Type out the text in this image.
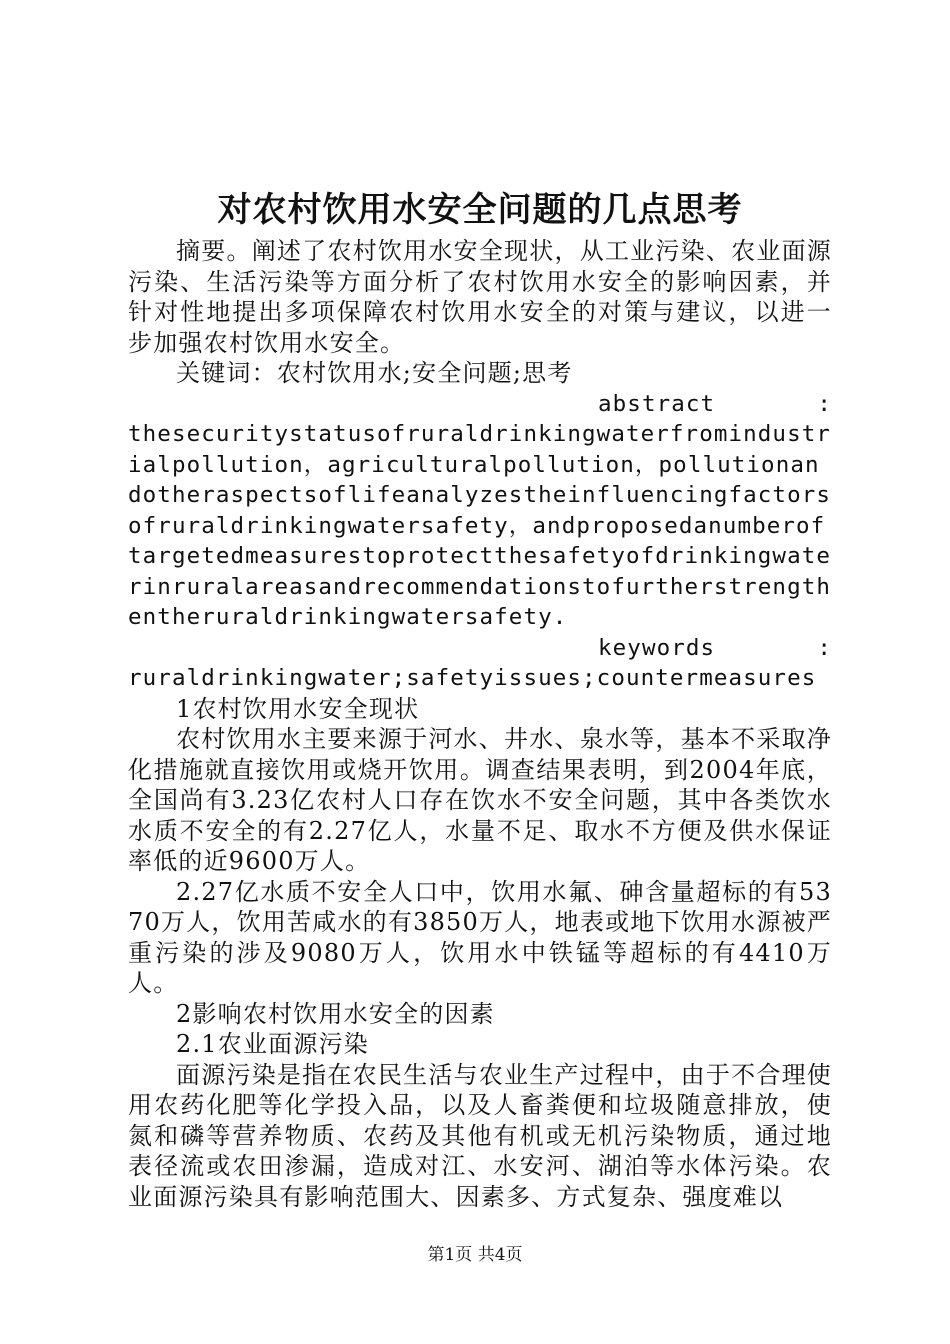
对农村饮用水安全问题的几点思考

摘要。阐述了农村饮用水安全现状，从工业污染、农业面源污染、生活污染等方面分析了农村饮用水安全的影响因素，并针对性地提出多项保障农村饮用水安全的对策与建议，以进一步加强农村饮用水安全。

关键词：农村饮用水;安全问题;思考

abstract	:

thesecuritystatusofruraldrinkingwaterfromindustrialpollution，agriculturalpollution，pollutionandotheraspectsoflifeanalyzestheinfluencingfactorsofruraldrinkingwatersafety，andproposedanumberoftargetedmeasurestoprotectthesafetyofdrinkingwaterinruralareasandrecommendationstofurtherstrengthentheruraldrinkingwatersafety.

keywords	:

ruraldrinkingwater;safetyissues;countermeasures

1农村饮用水安全现状

农村饮用水主要来源于河水、井水、泉水等，基本不采取净化措施就直接饮用或烧开饮用。调查结果表明，到2004年底，全国尚有3.23亿农村人口存在饮水不安全问题，其中各类饮水水质不安全的有2.27亿人，水量不足、取水不方便及供水保证率低的近9600万人。

2.27亿水质不安全人口中，饮用水氟、砷含量超标的有5370万人，饮用苦咸水的有3850万人，地表或地下饮用水源被严重污染的涉及9080万人，饮用水中铁锰等超标的有4410万人。

2影响农村饮用水安全的因素

2.1农业面源污染

面源污染是指在农民生活与农业生产过程中，由于不合理使用农药化肥等化学投入品，以及人畜粪便和垃圾随意排放，使氮和磷等营养物质、农药及其他有机或无机污染物质，通过地表径流或农田渗漏，造成对江、水安河、湖泊等水体污染。农业面源污染具有影响范围大、因素多、方式复杂、强度难以

第1页 共4页
